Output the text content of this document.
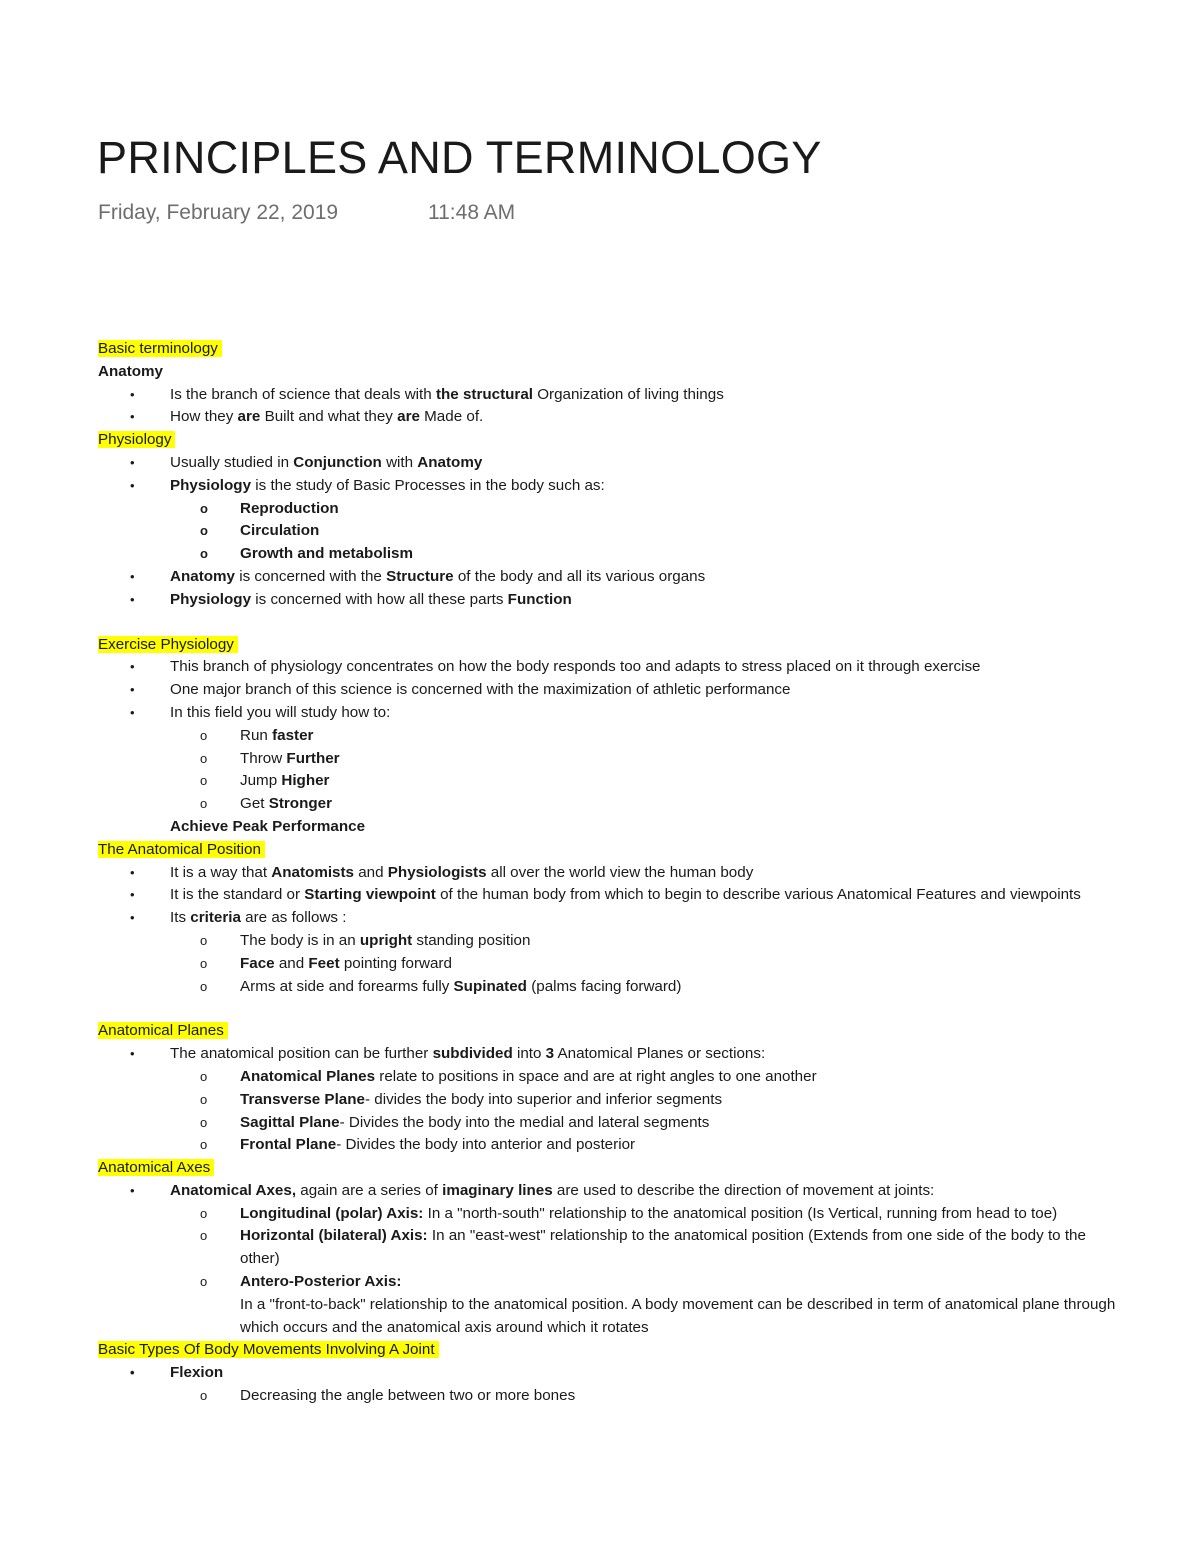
PRINCIPLES AND TERMINOLOGY
Friday, February 22, 2019	11:48 AM
Basic terminology
Anatomy
• Is the branch of science that deals with the structural Organization of living things
• How they are Built and what they are Made of.
Physiology
• Usually studied in Conjunction with Anatomy
• Physiology is the study of Basic Processes in the body such as:
o Reproduction
o Circulation
o Growth and metabolism
• Anatomy is concerned with the Structure of the body and all its various organs
• Physiology is concerned with how all these parts Function
Exercise Physiology
• This branch of physiology concentrates on how the body responds too and adapts to stress placed on it through exercise
• One major branch of this science is concerned with the maximization of athletic performance
• In this field you will study how to:
o Run faster
o Throw Further
o Jump Higher
o Get Stronger
Achieve Peak Performance
The Anatomical Position
• It is a way that Anatomists and Physiologists all over the world view the human body
• It is the standard or Starting viewpoint of the human body from which to begin to describe various Anatomical Features and viewpoints
• Its criteria are as follows :
o The body is in an upright standing position
o Face and Feet pointing forward
o Arms at side and forearms fully Supinated (palms facing forward)
Anatomical Planes
• The anatomical position can be further subdivided into 3 Anatomical Planes or sections:
o Anatomical Planes relate to positions in space and are at right angles to one another
o Transverse Plane- divides the body into superior and inferior segments
o Sagittal Plane- Divides the body into the medial and lateral segments
o Frontal Plane- Divides the body into anterior and posterior
Anatomical Axes
• Anatomical Axes, again are a series of imaginary lines are used to describe the direction of movement at joints:
o Longitudinal (polar) Axis: In a "north-south" relationship to the anatomical position (Is Vertical, running from head to toe)
o Horizontal (bilateral) Axis: In an "east-west" relationship to the anatomical position (Extends from one side of the body to the other)
o Antero-Posterior Axis:
In a "front-to-back" relationship to the anatomical position. A body movement can be described in term of anatomical plane through which occurs and the anatomical axis around which it rotates
Basic Types Of Body Movements Involving A Joint
• Flexion
o Decreasing the angle between two or more bones
